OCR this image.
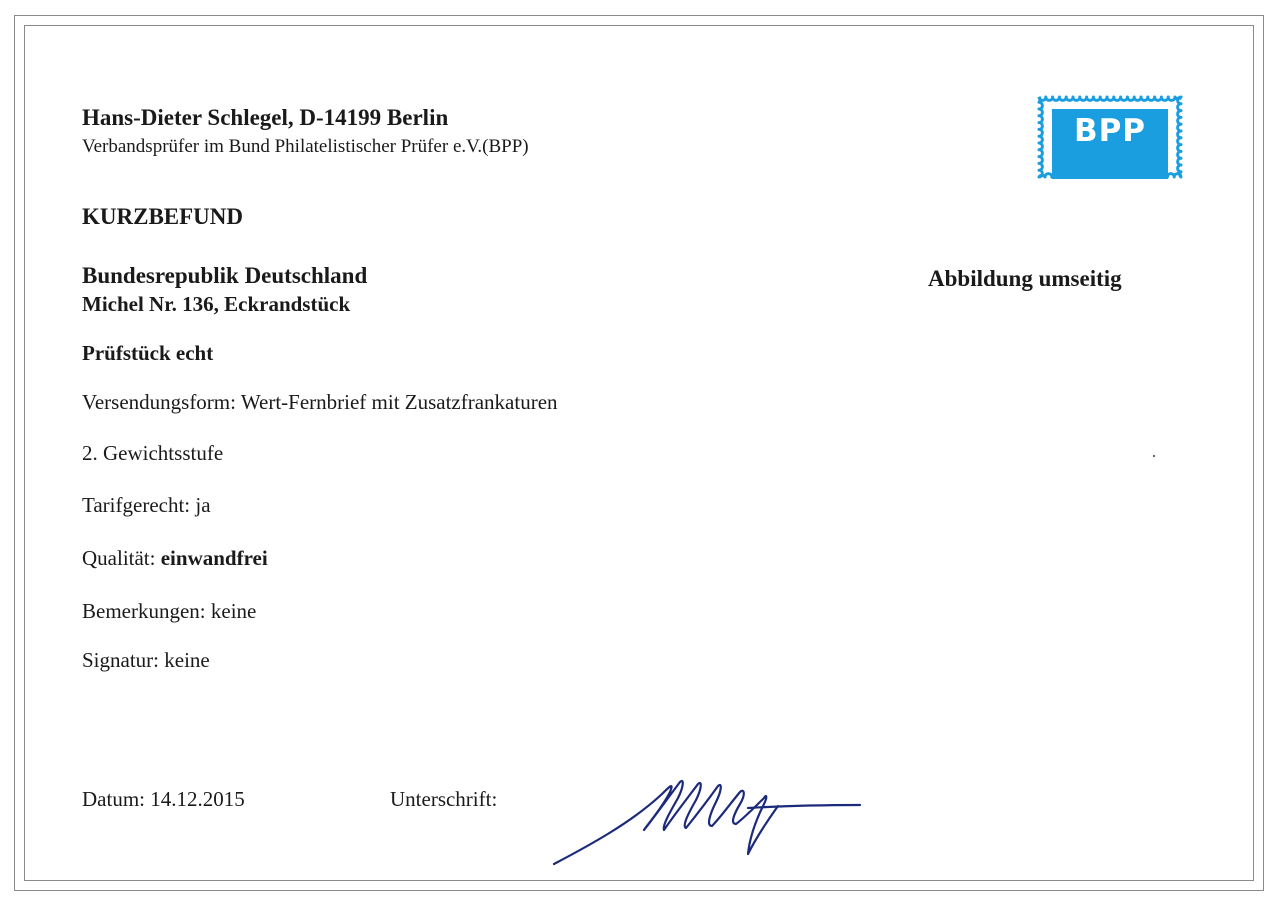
Hans-Dieter Schlegel, D-14199 Berlin
Verbandsprüfer im Bund Philatelistischer Prüfer e.V.(BPP)	BPP
KURZBEFUND
Bundesrepublik Deutschland
Michel Nr. 136, Eckrandstück
Abbildung umseitig
Prüfstück echt
Versendungsform: Wert-Fernbrief mit Zusatzfrankaturen
2. Gewichtsstufe
Tarifgerecht: ja
Qualität: einwandfrei
Bemerkungen: keine
Signatur: keine
Datum: 14.12.2015	Unterschrift:
